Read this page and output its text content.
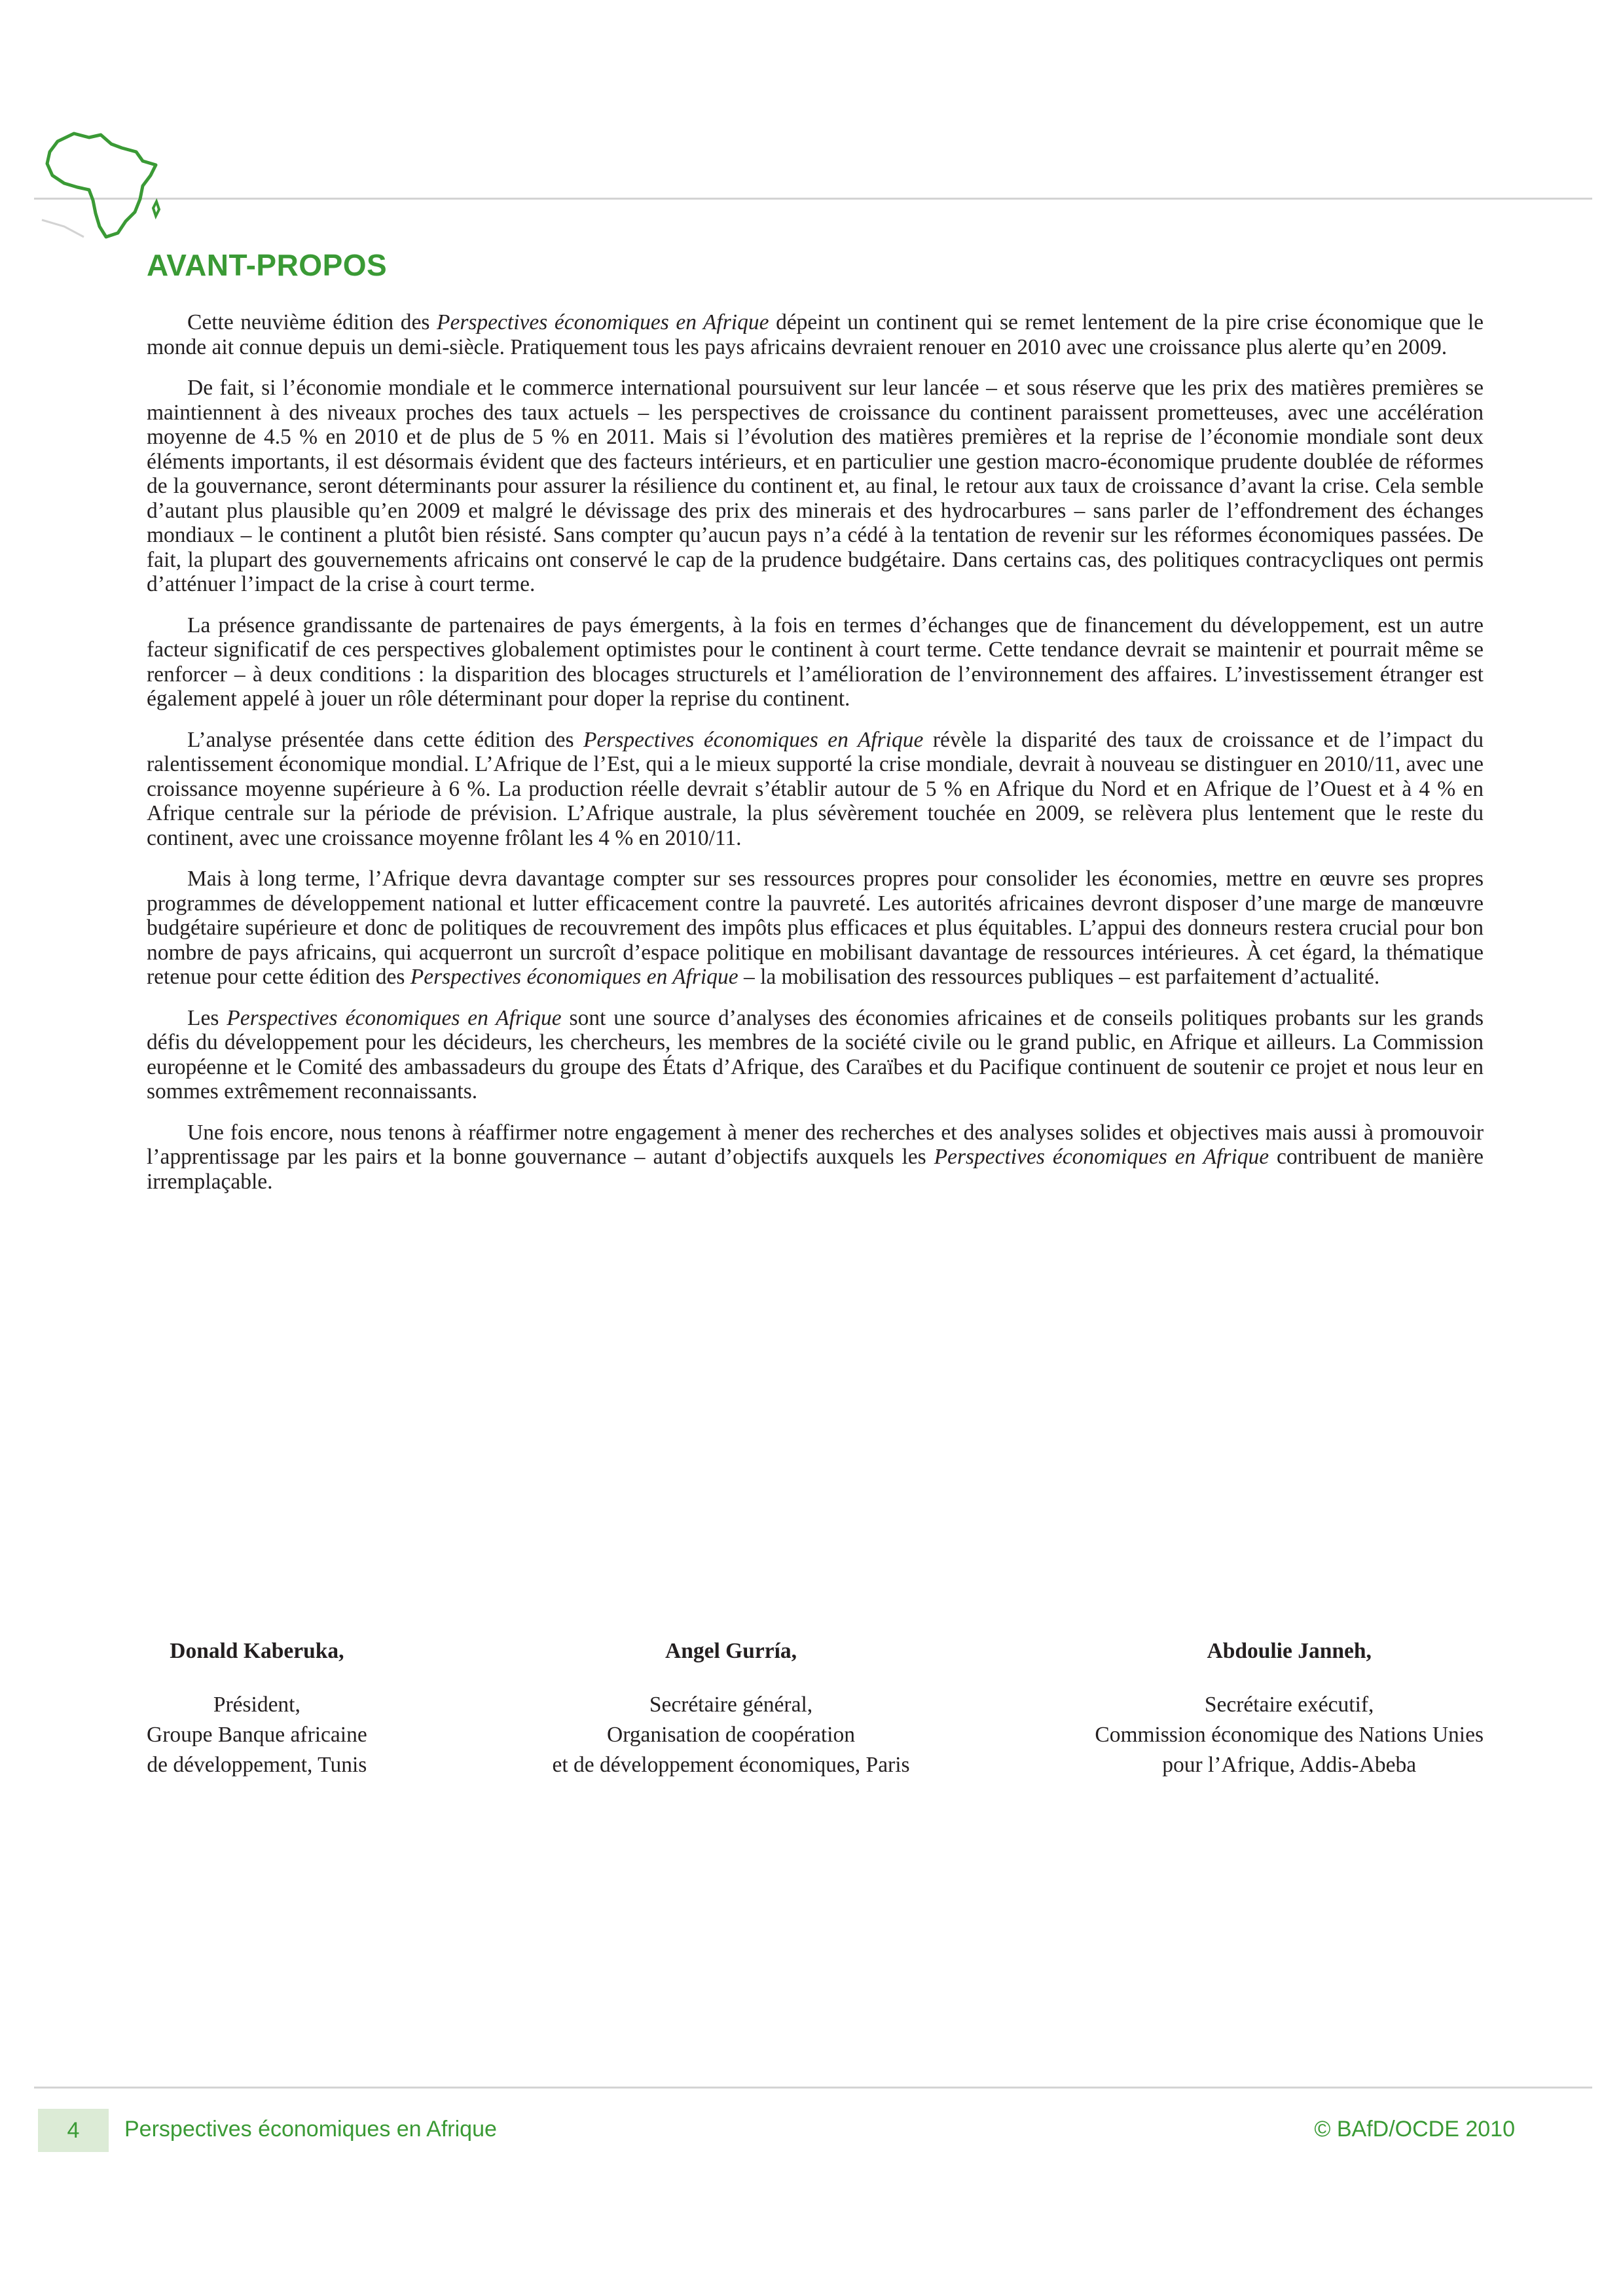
AVANT-PROPOS

Cette neuvième édition des Perspectives économiques en Afrique dépeint un continent qui se remet lentement de la pire crise économique que le monde ait connue depuis un demi-siècle. Pratiquement tous les pays africains devraient renouer en 2010 avec une croissance plus alerte qu’en 2009.

De fait, si l’économie mondiale et le commerce international poursuivent sur leur lancée – et sous réserve que les prix des matières premières se maintiennent à des niveaux proches des taux actuels – les perspectives de croissance du continent paraissent prometteuses, avec une accélération moyenne de 4.5 % en 2010 et de plus de 5 % en 2011. Mais si l’évolution des matières premières et la reprise de l’économie mondiale sont deux éléments importants, il est désormais évident que des facteurs intérieurs, et en particulier une gestion macro-économique prudente doublée de réformes de la gouvernance, seront déterminants pour assurer la résilience du continent et, au final, le retour aux taux de croissance d’avant la crise. Cela semble d’autant plus plausible qu’en 2009 et malgré le dévissage des prix des minerais et des hydrocarbures – sans parler de l’effondrement des échanges mondiaux – le continent a plutôt bien résisté. Sans compter qu’aucun pays n’a cédé à la tentation de revenir sur les réformes économiques passées. De fait, la plupart des gouvernements africains ont conservé le cap de la prudence budgétaire. Dans certains cas, des politiques contracycliques ont permis d’atténuer l’impact de la crise à court terme.

La présence grandissante de partenaires de pays émergents, à la fois en termes d’échanges que de financement du développement, est un autre facteur significatif de ces perspectives globalement optimistes pour le continent à court terme. Cette tendance devrait se maintenir et pourrait même se renforcer – à deux conditions : la disparition des blocages structurels et l’amélioration de l’environnement des affaires. L’investissement étranger est également appelé à jouer un rôle déterminant pour doper la reprise du continent.

L’analyse présentée dans cette édition des Perspectives économiques en Afrique révèle la disparité des taux de croissance et de l’impact du ralentissement économique mondial. L’Afrique de l’Est, qui a le mieux supporté la crise mondiale, devrait à nouveau se distinguer en 2010/11, avec une croissance moyenne supérieure à 6 %. La production réelle devrait s’établir autour de 5 % en Afrique du Nord et en Afrique de l’Ouest et à 4 % en Afrique centrale sur la période de prévision. L’Afrique australe, la plus sévèrement touchée en 2009, se relèvera plus lentement que le reste du continent, avec une croissance moyenne frôlant les 4 % en 2010/11.

Mais à long terme, l’Afrique devra davantage compter sur ses ressources propres pour consolider les économies, mettre en œuvre ses propres programmes de développement national et lutter efficacement contre la pauvreté. Les autorités africaines devront disposer d’une marge de manœuvre budgétaire supérieure et donc de politiques de recouvrement des impôts plus efficaces et plus équitables. L’appui des donneurs restera crucial pour bon nombre de pays africains, qui acquerront un surcroît d’espace politique en mobilisant davantage de ressources intérieures. À cet égard, la thématique retenue pour cette édition des Perspectives économiques en Afrique – la mobilisation des ressources publiques – est parfaitement d’actualité.

Les Perspectives économiques en Afrique sont une source d’analyses des économies africaines et de conseils politiques probants sur les grands défis du développement pour les décideurs, les chercheurs, les membres de la société civile ou le grand public, en Afrique et ailleurs. La Commission européenne et le Comité des ambassadeurs du groupe des États d’Afrique, des Caraïbes et du Pacifique continuent de soutenir ce projet et nous leur en sommes extrêmement reconnaissants.

Une fois encore, nous tenons à réaffirmer notre engagement à mener des recherches et des analyses solides et objectives mais aussi à promouvoir l’apprentissage par les pairs et la bonne gouvernance – autant d’objectifs auxquels les Perspectives économiques en Afrique contribuent de manière irremplaçable.

Donald Kaberuka,
Président,
Groupe Banque africaine
de développement, Tunis
Angel Gurría,
Secrétaire général,
Organisation de coopération
et de développement économiques, Paris
Abdoulie Janneh,
Secrétaire exécutif,
Commission économique des Nations Unies
pour l’Afrique, Addis-Abeba
4	Perspectives économiques en Afrique	© BAfD/OCDE 2010
